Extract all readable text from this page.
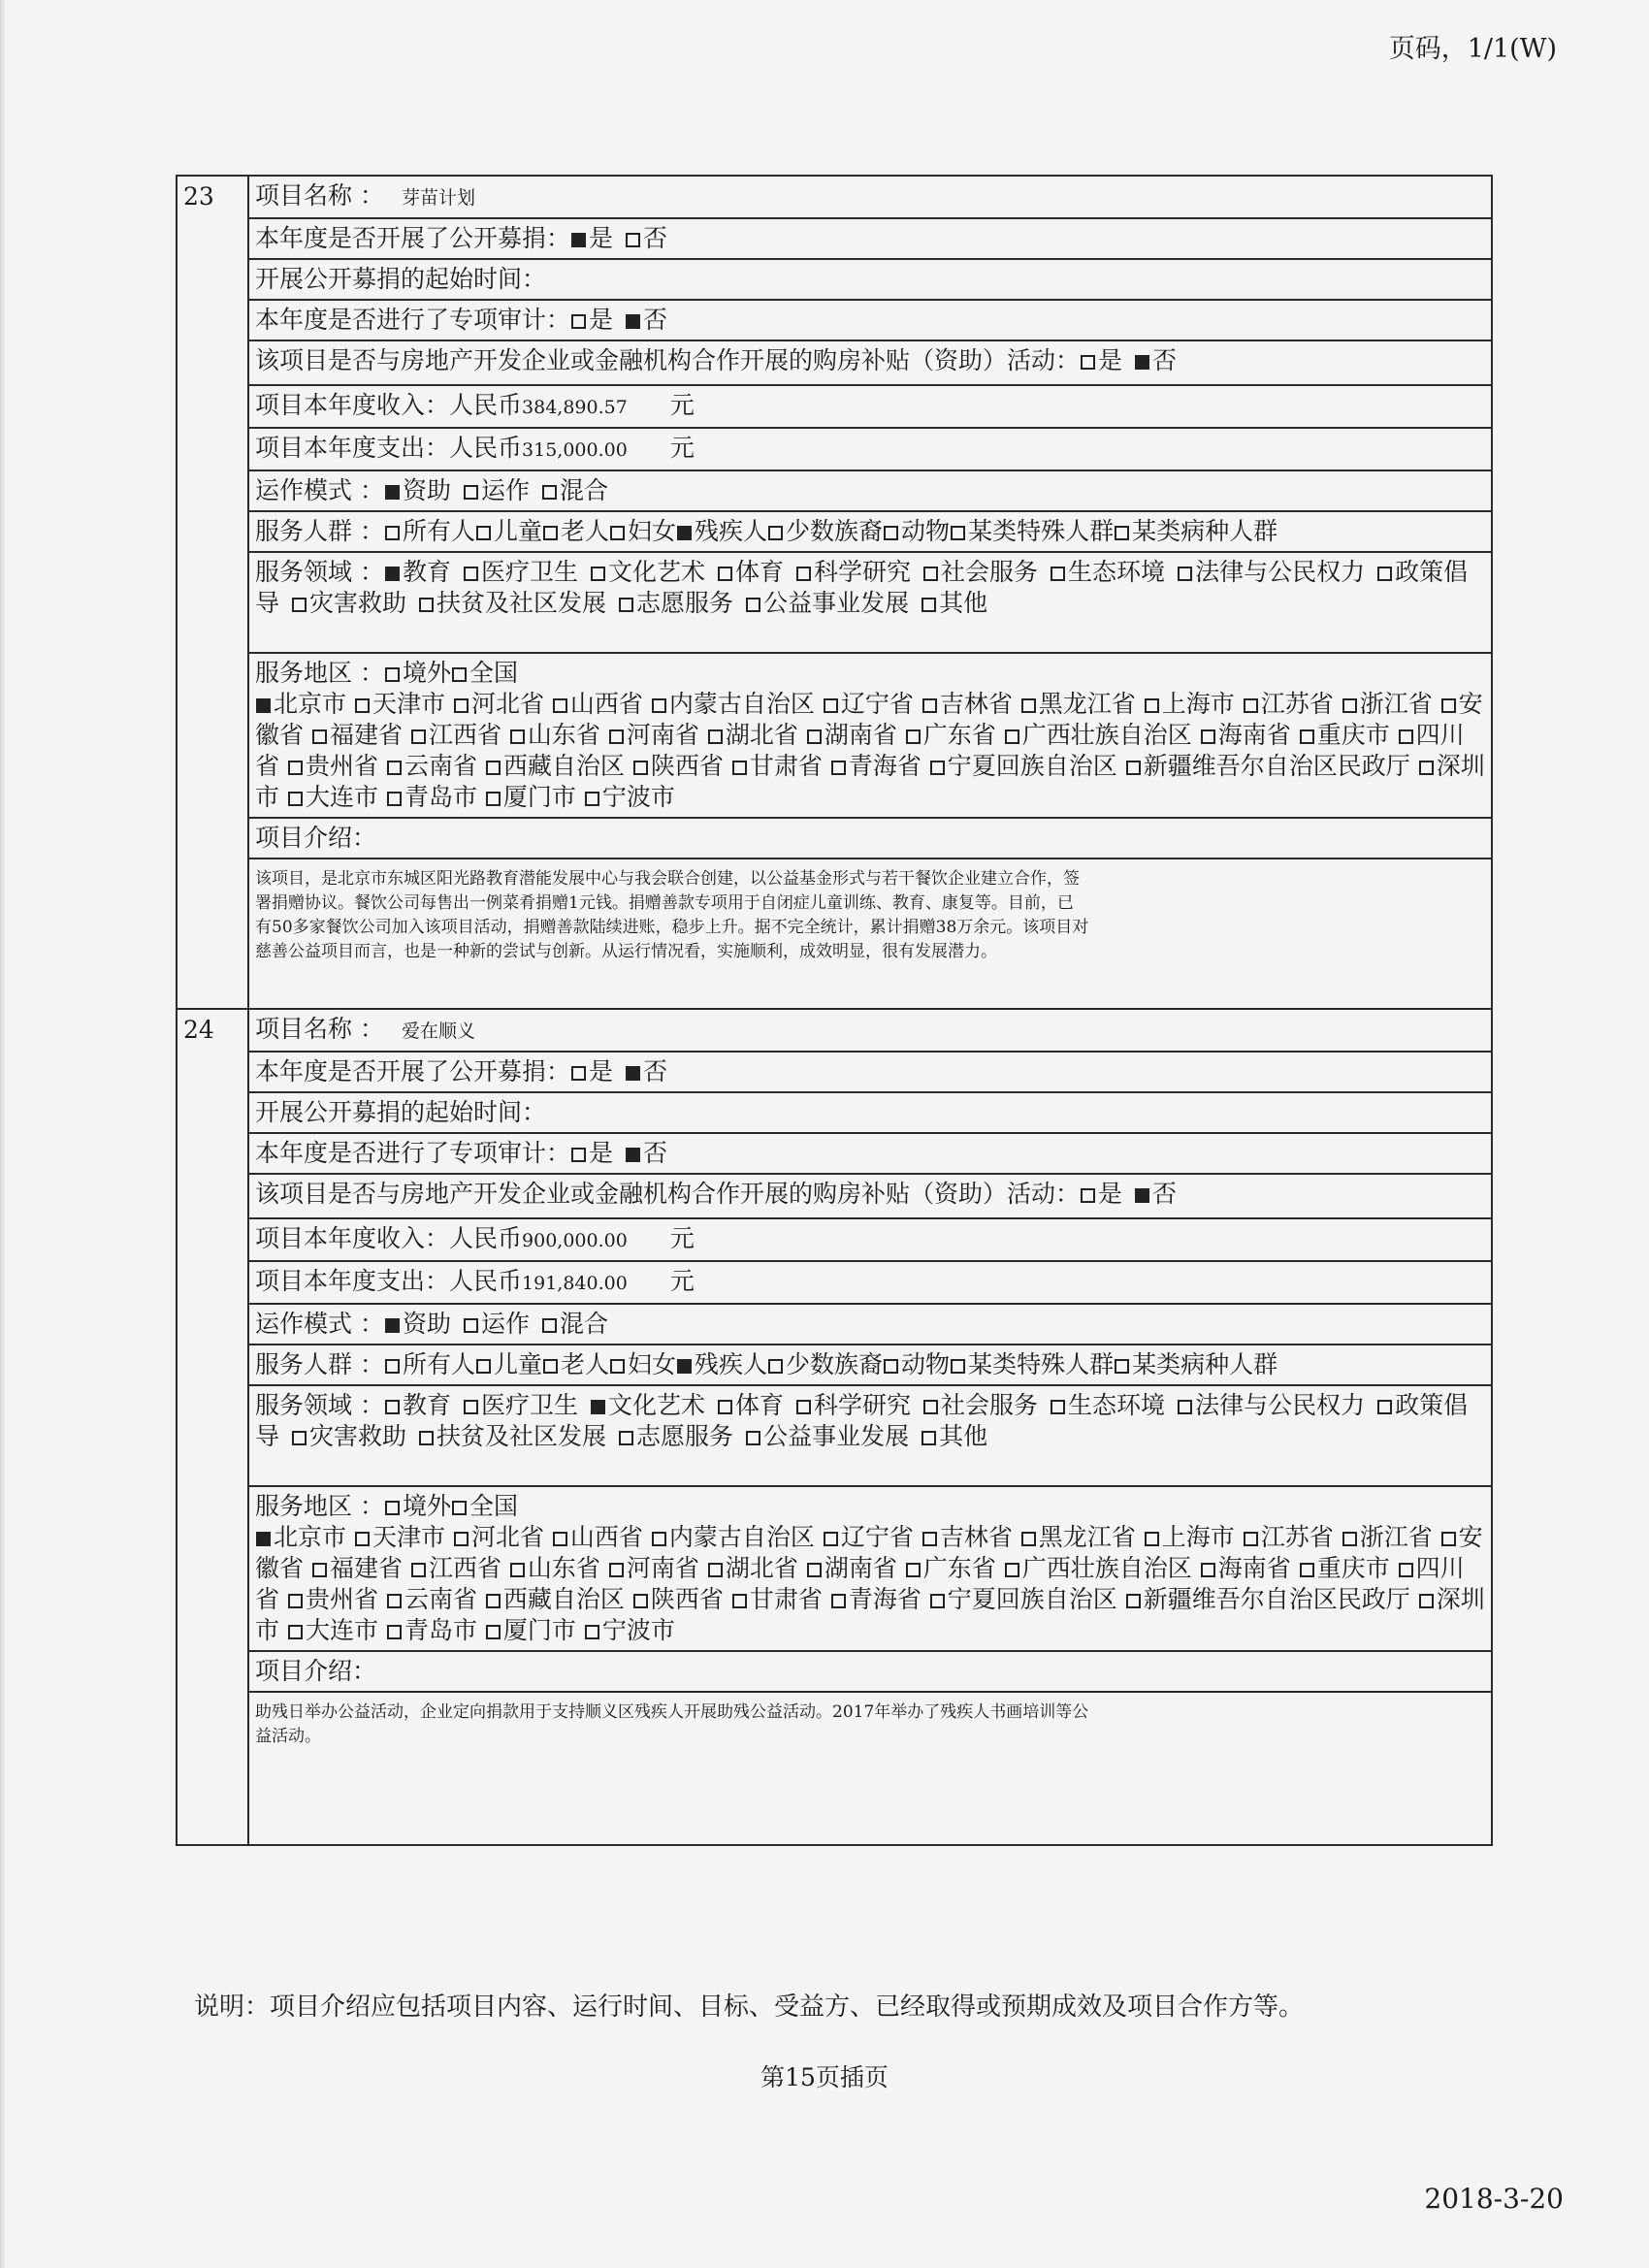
页码，1/1(W)
23	项目名称 ： 芽苗计划
	本年度是否开展了公开募捐： 是 否
	开展公开募捐的起始时间：
	本年度是否进行了专项审计： 是 否
	该项目是否与房地产开发企业或金融机构合作开展的购房补贴（资助）活动： 是 否
	项目本年度收入：人民币384,890.57 元
	项目本年度支出：人民币315,000.00 元
	运作模式 ： 资助 运作 混合
	服务人群 ： 所有人 儿童 老人 妇女 残疾人 少数族裔 动物 某类特殊人群 某类病种人群
	服务领域 ： 教育 医疗卫生 文化艺术 体育 科学研究 社会服务 生态环境 法律与公民权力 政策倡导 灾害救助 扶贫及社区发展 志愿服务 公益事业发展 其他
	服务地区 ： 境外 全国
北京市 天津市 河北省 山西省 内蒙古自治区 辽宁省 吉林省 黑龙江省 上海市 江苏省 浙江省 安徽省 福建省 江西省 山东省 河南省 湖北省 湖南省 广东省 广西壮族自治区 海南省 重庆市 四川省 贵州省 云南省 西藏自治区 陕西省 甘肃省 青海省 宁夏回族自治区 新疆维吾尔自治区民政厅 深圳市 大连市 青岛市 厦门市 宁波市
	项目介绍：

	该项目，是北京市东城区阳光路教育潜能发展中心与我会联合创建，以公益基金形式与若干餐饮企业建立合作，签

署捐赠协议。餐饮公司每售出一例菜肴捐赠1元钱。捐赠善款专项用于自闭症儿童训练、教育、康复等。目前，已

有50多家餐饮公司加入该项目活动，捐赠善款陆续进账，稳步上升。据不完全统计，累计捐赠38万余元。该项目对

慈善公益项目而言，也是一种新的尝试与创新。从运行情况看，实施顺利，成效明显，很有发展潜力。

24	项目名称 ： 爱在顺义
	本年度是否开展了公开募捐： 是 否
	开展公开募捐的起始时间：
	本年度是否进行了专项审计： 是 否
	该项目是否与房地产开发企业或金融机构合作开展的购房补贴（资助）活动： 是 否
	项目本年度收入：人民币900,000.00 元
	项目本年度支出：人民币191,840.00 元
	运作模式 ： 资助 运作 混合
	服务人群 ： 所有人 儿童 老人 妇女 残疾人 少数族裔 动物 某类特殊人群 某类病种人群
	服务领域 ： 教育 医疗卫生 文化艺术 体育 科学研究 社会服务 生态环境 法律与公民权力 政策倡导 灾害救助 扶贫及社区发展 志愿服务 公益事业发展 其他
	服务地区 ： 境外 全国
北京市 天津市 河北省 山西省 内蒙古自治区 辽宁省 吉林省 黑龙江省 上海市 江苏省 浙江省 安徽省 福建省 江西省 山东省 河南省 湖北省 湖南省 广东省 广西壮族自治区 海南省 重庆市 四川省 贵州省 云南省 西藏自治区 陕西省 甘肃省 青海省 宁夏回族自治区 新疆维吾尔自治区民政厅 深圳市 大连市 青岛市 厦门市 宁波市
	项目介绍：

	助残日举办公益活动，企业定向捐款用于支持顺义区残疾人开展助残公益活动。2017年举办了残疾人书画培训等公

益活动。

说明：项目介绍应包括项目内容、运行时间、目标、受益方、已经取得或预期成效及项目合作方等。
第15页插页
2018-3-20
